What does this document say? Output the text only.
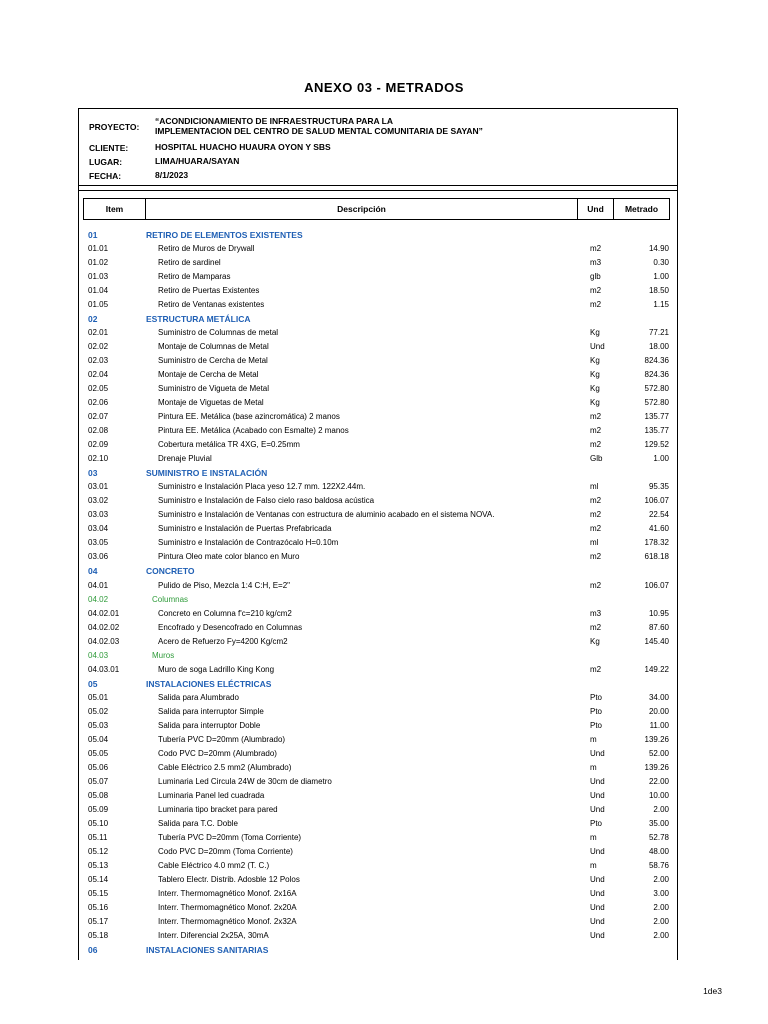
ANEXO 03 - METRADOS
PROYECTO:
“ACONDICIONAMIENTO DE INFRAESTRUCTURA PARA LA
IMPLEMENTACION DEL CENTRO DE SALUD MENTAL COMUNITARIA DE SAYAN”
CLIENTE:	HOSPITAL HUACHO HUAURA OYON Y SBS
LUGAR:	LIMA/HUARA/SAYAN
FECHA:	8/1/2023
Item	Descripción	Und	Metrado
01	RETIRO DE ELEMENTOS EXISTENTES
01.01	Retiro de Muros de Drywall	m2	14.90
01.02	Retiro de sardinel	m3	0.30
01.03	Retiro de Mamparas	glb	1.00
01.04	Retiro de Puertas Existentes	m2	18.50
01.05	Retiro de Ventanas existentes	m2	1.15
02	ESTRUCTURA METÁLICA
02.01	Suministro de Columnas de metal	Kg	77.21
02.02	Montaje de Columnas de Metal	Und	18.00
02.03	Suministro de Cercha de Metal	Kg	824.36
02.04	Montaje de Cercha de Metal	Kg	824.36
02.05	Suministro de Vigueta de Metal	Kg	572.80
02.06	Montaje de Viguetas de Metal	Kg	572.80
02.07	Pintura EE. Metálica (base azincromática) 2 manos	m2	135.77
02.08	Pintura EE. Metálica (Acabado con Esmalte) 2 manos	m2	135.77
02.09	Cobertura metálica TR 4XG, E=0.25mm	m2	129.52
02.10	Drenaje Pluvial	Glb	1.00
03	SUMINISTRO E INSTALACIÓN
03.01	Suministro e Instalación Placa yeso 12.7 mm. 122X2.44m.	ml	95.35
03.02	Suministro e Instalación de Falso cielo raso baldosa acústica	m2	106.07
03.03	Suministro e Instalación de Ventanas con estructura de aluminio acabado en el sistema NOVA.	m2	22.54
03.04	Suministro e Instalación de Puertas Prefabricada	m2	41.60
03.05	Suministro e Instalación de Contrazócalo H=0.10m	ml	178.32
03.06	Pintura Oleo mate color blanco en Muro	m2	618.18
04	CONCRETO
04.01	Pulido de Piso, Mezcla 1:4 C:H, E=2"	m2	106.07
04.02	Columnas
04.02.01	Concreto en Columna f'c=210 kg/cm2	m3	10.95
04.02.02	Encofrado y Desencofrado en Columnas	m2	87.60
04.02.03	Acero de Refuerzo Fy=4200 Kg/cm2	Kg	145.40
04.03	Muros
04.03.01	Muro de soga Ladrillo King Kong	m2	149.22
05	INSTALACIONES ELÉCTRICAS
05.01	Salida para Alumbrado	Pto	34.00
05.02	Salida para interruptor Simple	Pto	20.00
05.03	Salida para interruptor Doble	Pto	11.00
05.04	Tubería PVC D=20mm (Alumbrado)	m	139.26
05.05	Codo PVC D=20mm (Alumbrado)	Und	52.00
05.06	Cable Eléctrico 2.5 mm2 (Alumbrado)	m	139.26
05.07	Luminaria Led Circula 24W de 30cm de diametro	Und	22.00
05.08	Luminaria Panel led cuadrada	Und	10.00
05.09	Luminaria tipo bracket para pared	Und	2.00
05.10	Salida para T.C. Doble	Pto	35.00
05.11	Tubería PVC D=20mm (Toma Corriente)	m	52.78
05.12	Codo PVC D=20mm (Toma Corriente)	Und	48.00
05.13	Cable Eléctrico 4.0 mm2 (T. C.)	m	58.76
05.14	Tablero Electr. Distrib. Adosble 12 Polos	Und	2.00
05.15	Interr. Thermomagnético Monof. 2x16A	Und	3.00
05.16	Interr. Thermomagnético Monof. 2x20A	Und	2.00
05.17	Interr. Thermomagnético Monof. 2x32A	Und	2.00
05.18	Interr. Diferencial 2x25A, 30mA	Und	2.00
06	INSTALACIONES SANITARIAS
1de3
